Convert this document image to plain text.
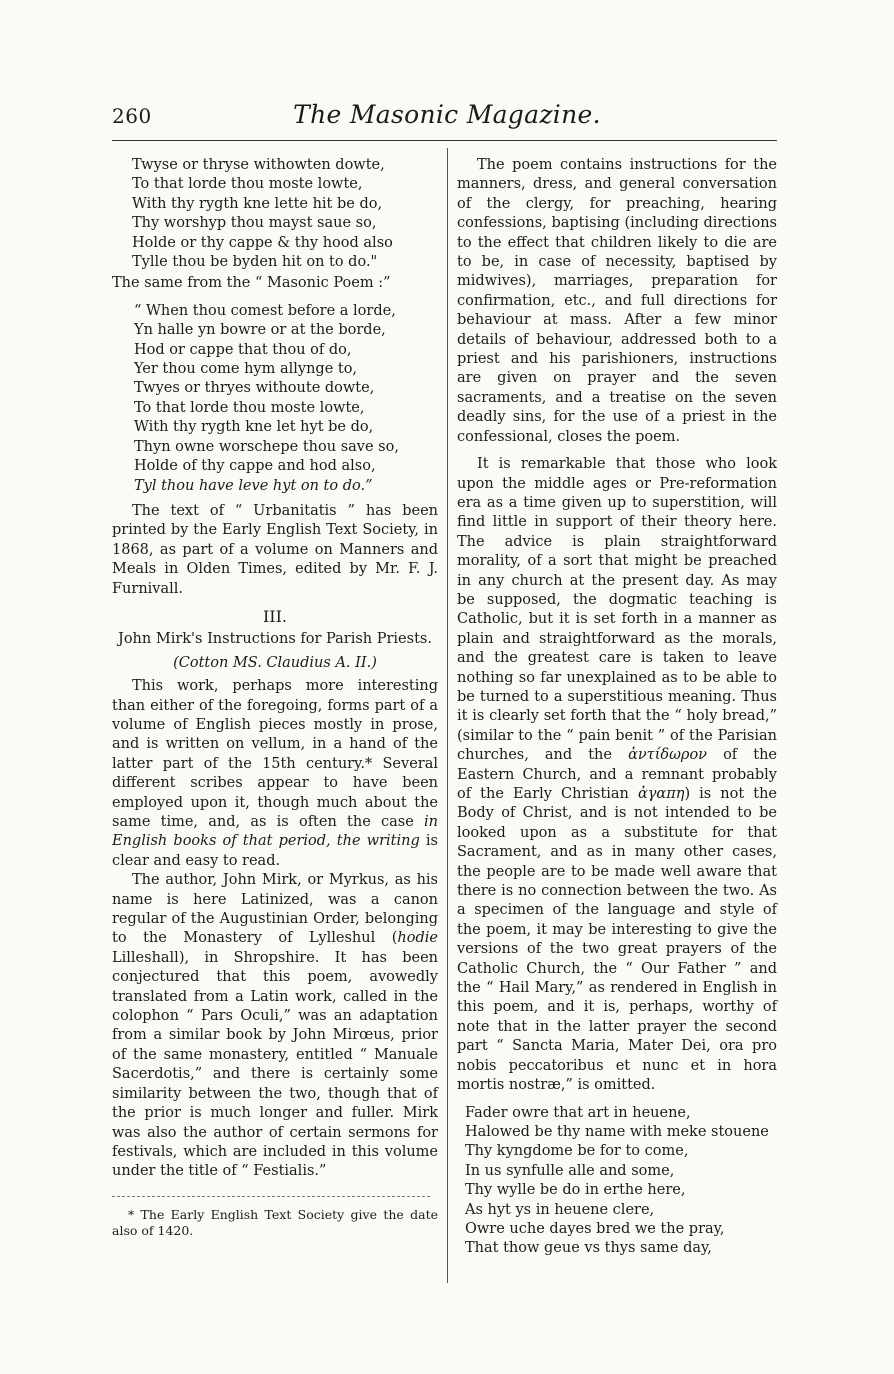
260	The Masonic Magazine.
Twyse or thryse withowten dowte,
To that lorde thou moste lowte,
With thy rygth kne lette hit be do,
Thy worshyp thou mayst saue so,
Holde or thy cappe & thy hood also
Tylle thou be byden hit on to do."

The same from the “ Masonic Poem :”

“ When thou comest before a lorde,
Yn halle yn bowre or at the borde,
Hod or cappe that thou of do,
Yer thou come hym allynge to,
Twyes or thryes withoute dowte,
To that lorde thou moste lowte,
With thy rygth kne let hyt be do,
Thyn owne worschepe thou save so,
Holde of thy cappe and hod also,
Tyl thou have leve hyt on to do.”

The text of “ Urbanitatis ” has been printed by the Early English Text Society, in 1868, as part of a volume on Manners and Meals in Olden Times, edited by Mr. F. J. Furnivall.

III.
John Mirk's Instructions for Parish Priests.
(Cotton MS. Claudius A. II.)

This work, perhaps more interesting than either of the foregoing, forms part of a volume of English pieces mostly in prose, and is written on vellum, in a hand of the latter part of the 15th century.* Several different scribes appear to have been employed upon it, though much about the same time, and, as is often the case in English books of that period, the writing is clear and easy to read.

The author, John Mirk, or Myrkus, as his name is here Latinized, was a canon regular of the Augustinian Order, belonging to the Monastery of Lylleshul (hodie Lilleshall), in Shropshire. It has been conjectured that this poem, avowedly translated from a Latin work, called in the colophon “ Pars Oculi,” was an adaptation from a similar book by John Mirœus, prior of the same monastery, entitled “ Manuale Sacerdotis,” and there is certainly some similarity between the two, though that of the prior is much longer and fuller. Mirk was also the author of certain sermons for festivals, which are included in this volume under the title of “ Festialis.”

* The Early English Text Society give the date also of 1420.

The poem contains instructions for the manners, dress, and general conversation of the clergy, for preaching, hearing confessions, baptising (including directions to the effect that children likely to die are to be, in case of necessity, baptised by midwives), marriages, preparation for confirmation, etc., and full directions for behaviour at mass. After a few minor details of behaviour, addressed both to a priest and his parishioners, instructions are given on prayer and the seven sacraments, and a treatise on the seven deadly sins, for the use of a priest in the confessional, closes the poem.

It is remarkable that those who look upon the middle ages or Pre-reformation era as a time given up to superstition, will find little in support of their theory here. The advice is plain straightforward morality, of a sort that might be preached in any church at the present day. As may be supposed, the dogmatic teaching is Catholic, but it is set forth in a manner as plain and straightforward as the morals, and the greatest care is taken to leave nothing so far unexplained as to be able to be turned to a superstitious meaning. Thus it is clearly set forth that the “ holy bread,” (similar to the “ pain benit ” of the Parisian churches, and the ἀντίδωρον of the Eastern Church, and a remnant probably of the Early Christian ἀγαπη) is not the Body of Christ, and is not intended to be looked upon as a substitute for that Sacrament, and as in many other cases, the people are to be made well aware that there is no connection between the two. As a specimen of the language and style of the poem, it may be interesting to give the versions of the two great prayers of the Catholic Church, the “ Our Father ” and the “ Hail Mary,” as rendered in English in this poem, and it is, perhaps, worthy of note that in the latter prayer the second part “ Sancta Maria, Mater Dei, ora pro nobis peccatoribus et nunc et in hora mortis nostræ,” is omitted.

Fader owre that art in heuene,
Halowed be thy name with meke stouene
Thy kyngdome be for to come,
In us synfulle alle and some,
Thy wylle be do in erthe here,
As hyt ys in heuene clere,
Owre uche dayes bred we the pray,
That thow geue vs thys same day,
